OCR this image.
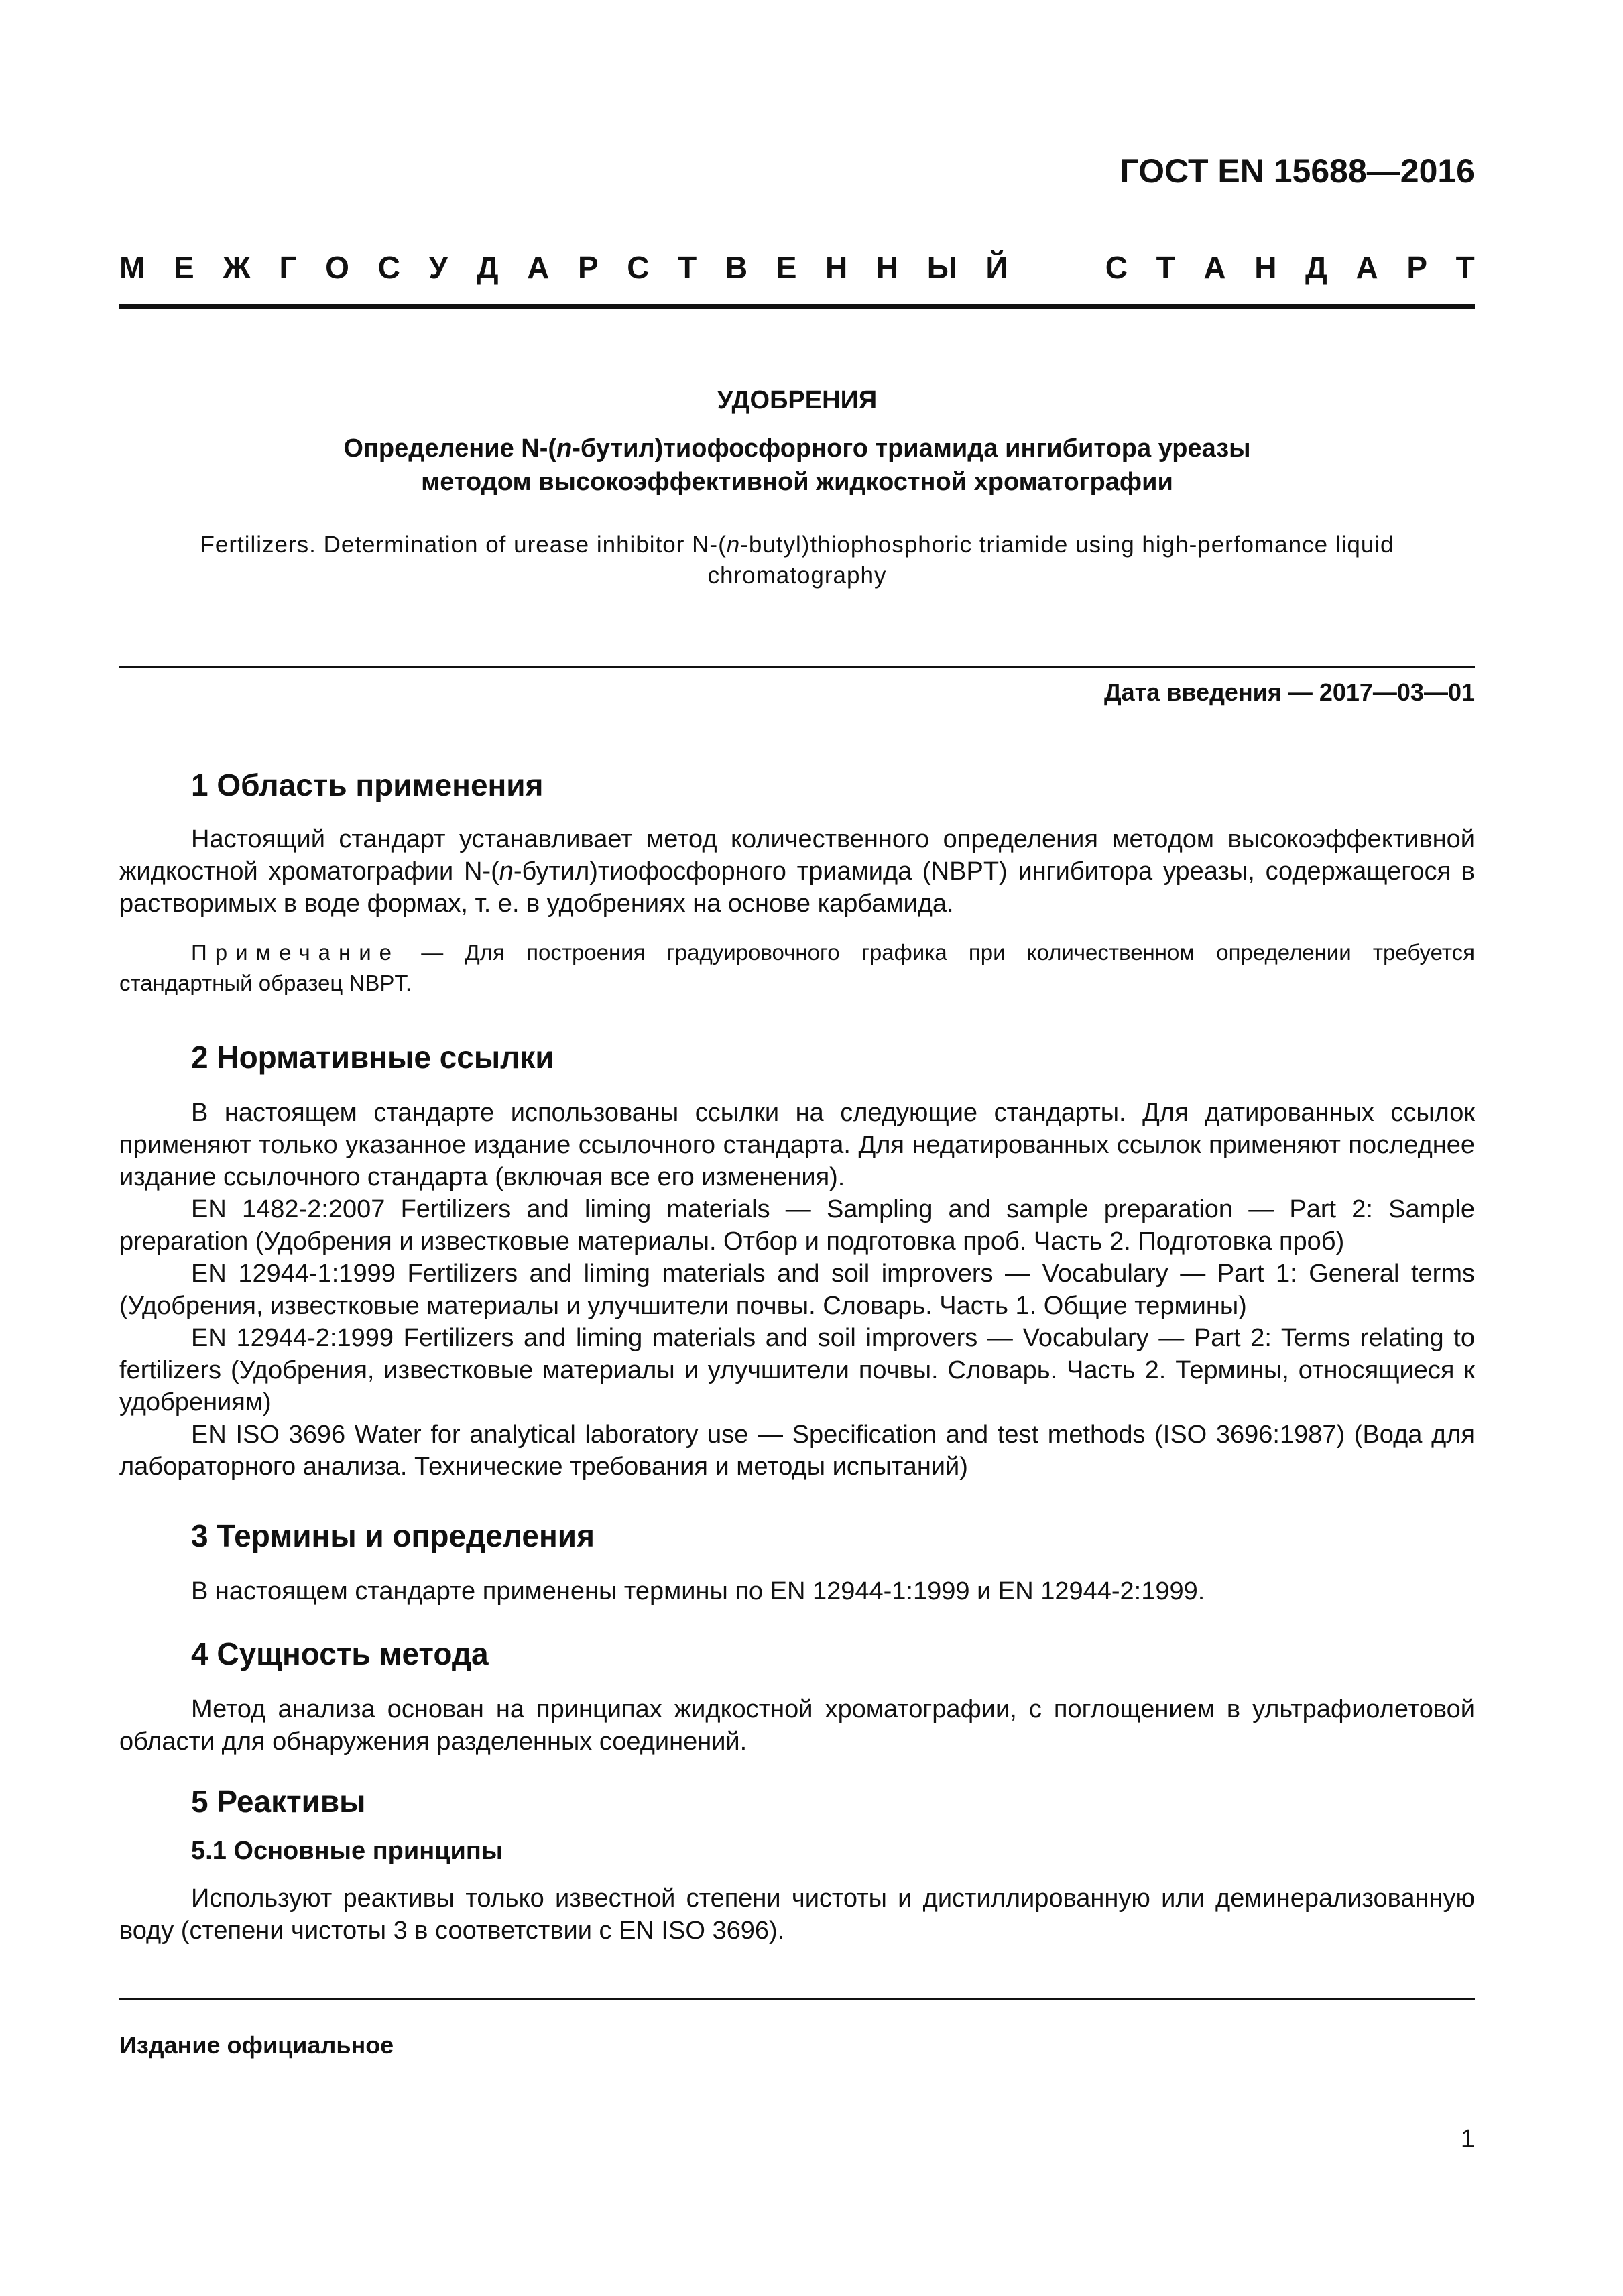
ГОСТ EN 15688—2016
М Е Ж Г О С У Д А Р С Т В Е Н Н Ы Й	С Т А Н Д А Р Т
УДОБРЕНИЯ
Определение N-(n-бутил)тиофосфорного триамида ингибитора уреазы
методом высокоэффективной жидкостной хроматографии
Fertilizers. Determination of urease inhibitor N-(n-butyl)thiophosphoric triamide using high-perfomance liquid chromatography
Дата введения — 2017—03—01
1 Область применения
Настоящий стандарт устанавливает метод количественного определения методом высокоэффективной жидкостной хроматографии N-(n-бутил)тиофосфорного триамида (NBPT) ингибитора уреазы, содержащегося в растворимых в воде формах, т. е. в удобрениях на основе карбамида.
Примечание — Для построения градуировочного графика при количественном определении требуется стандартный образец NBPT.
2 Нормативные ссылки
В настоящем стандарте использованы ссылки на следующие стандарты. Для датированных ссылок применяют только указанное издание ссылочного стандарта. Для недатированных ссылок применяют последнее издание ссылочного стандарта (включая все его изменения).
EN 1482-2:2007 Fertilizers and liming materials — Sampling and sample preparation — Part 2: Sample preparation (Удобрения и известковые материалы. Отбор и подготовка проб. Часть 2. Подготовка проб)
EN 12944-1:1999 Fertilizers and liming materials and soil improvers — Vocabulary — Part 1: General terms (Удобрения, известковые материалы и улучшители почвы. Словарь. Часть 1. Общие термины)
EN 12944-2:1999 Fertilizers and liming materials and soil improvers — Vocabulary — Part 2: Terms relating to fertilizers (Удобрения, известковые материалы и улучшители почвы. Словарь. Часть 2. Термины, относящиеся к удобрениям)
EN ISO 3696 Water for analytical laboratory use — Specification and test methods (ISO 3696:1987) (Вода для лабораторного анализа. Технические требования и методы испытаний)
3 Термины и определения
В настоящем стандарте применены термины по EN 12944-1:1999 и EN 12944-2:1999.
4 Сущность метода
Метод анализа основан на принципах жидкостной хроматографии, с поглощением в ультрафиолетовой области для обнаружения разделенных соединений.
5 Реактивы
5.1 Основные принципы
Используют реактивы только известной степени чистоты и дистиллированную или деминерализованную воду (степени чистоты 3 в соответствии с EN ISO 3696).
Издание официальное
1
